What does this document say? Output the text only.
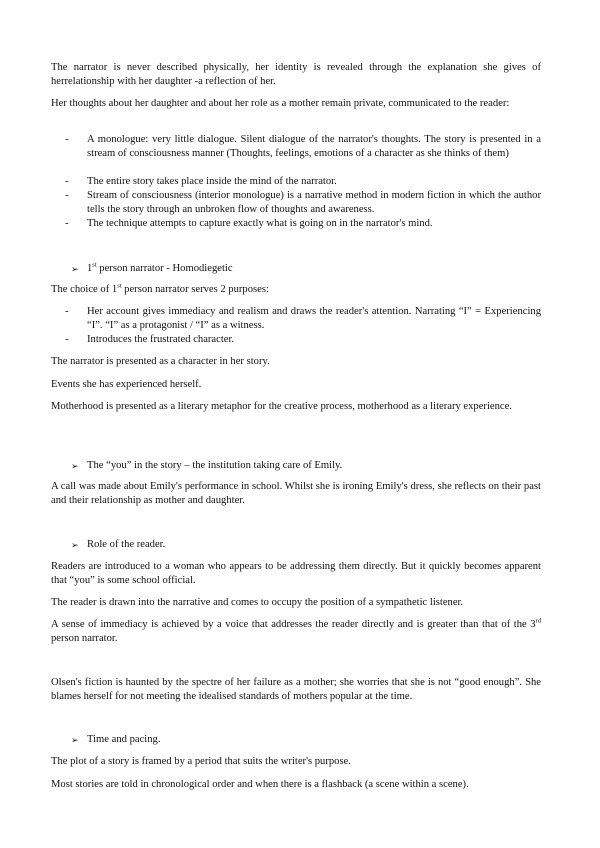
The narrator is never described physically, her identity is revealed through the explanation she gives of herrelationship with her daughter -a reflection of her.

Her thoughts about her daughter and about her role as a mother remain private, communicated to the reader:

- A monologue: very little dialogue. Silent dialogue of the narrator's thoughts. The story is presented in a stream of consciousness manner (Thoughts, feelings, emotions of a character as she thinks of them)

- The entire story takes place inside the mind of the narrator.

- Stream of consciousness (interior monologue) is a narrative method in modern fiction in which the author tells the story through an unbroken flow of thoughts and awareness.

- The technique attempts to capture exactly what is going on in the narrator's mind.

➢ 1st person narrator - Homodiegetic

The choice of 1st person narrator serves 2 purposes:

- Her account gives immediacy and realism and draws the reader's attention. Narrating “I” = Experiencing “I”. “I” as a protagonist / “I” as a witness.

- Introduces the frustrated character.

The narrator is presented as a character in her story.

Events she has experienced herself.

Motherhood is presented as a literary metaphor for the creative process, motherhood as a literary experience.

➢ The “you” in the story – the institution taking care of Emily.

A call was made about Emily's performance in school. Whilst she is ironing Emily's dress, she reflects on their past and their relationship as mother and daughter.

➢ Role of the reader.

Readers are introduced to a woman who appears to be addressing them directly. But it quickly becomes apparent that “you” is some school official.

The reader is drawn into the narrative and comes to occupy the position of a sympathetic listener.

A sense of immediacy is achieved by a voice that addresses the reader directly and is greater than that of the 3rd person narrator.

Olsen's fiction is haunted by the spectre of her failure as a mother; she worries that she is not “good enough”. She blames herself for not meeting the idealised standards of mothers popular at the time.

➢ Time and pacing.

The plot of a story is framed by a period that suits the writer's purpose.

Most stories are told in chronological order and when there is a flashback (a scene within a scene).
